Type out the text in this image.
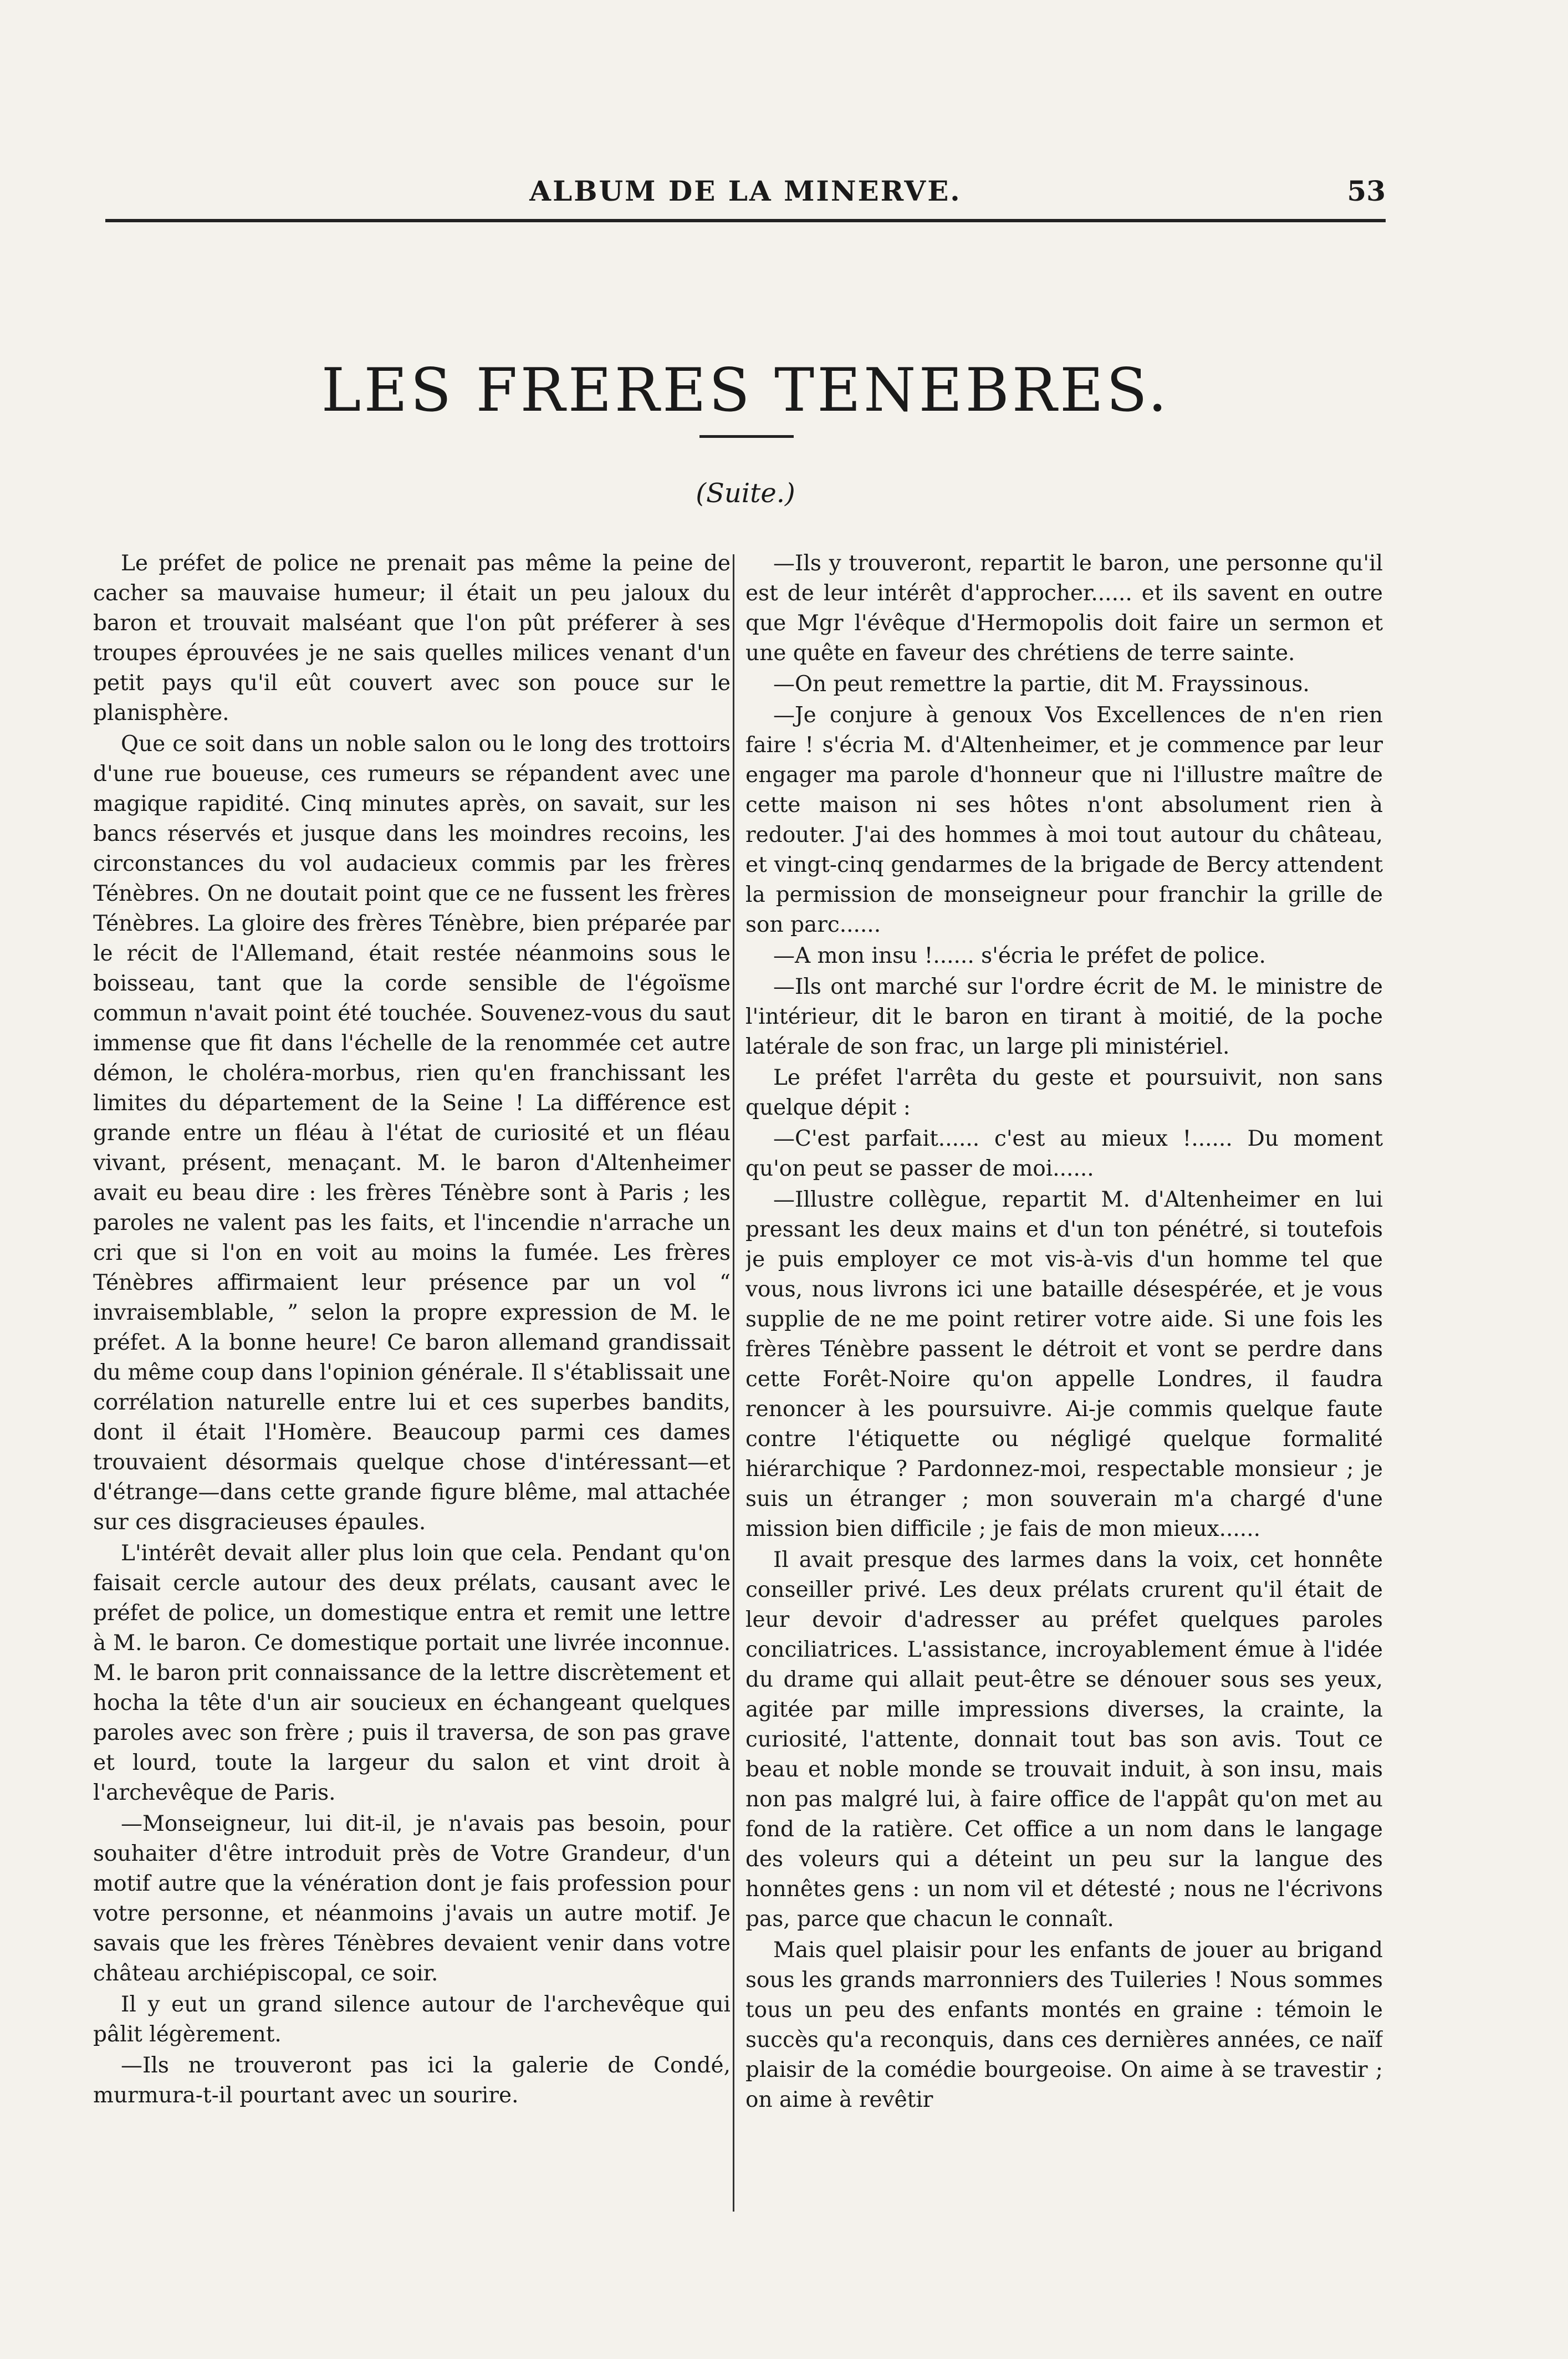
ALBUM DE LA MINERVE.	53
LES FRERES TENEBRES.
(Suite.)

Le préfet de police ne prenait pas même la peine de cacher sa mauvaise humeur; il était un peu jaloux du baron et trouvait malséant que l'on pût préferer à ses troupes éprouvées je ne sais quelles milices venant d'un petit pays qu'il eût couvert avec son pouce sur le planisphère.

Que ce soit dans un noble salon ou le long des trottoirs d'une rue boueuse, ces rumeurs se répandent avec une magique rapidité. Cinq minutes après, on savait, sur les bancs réservés et jusque dans les moindres recoins, les circonstances du vol audacieux commis par les frères Ténèbres. On ne doutait point que ce ne fussent les frères Ténèbres. La gloire des frères Ténèbre, bien préparée par le récit de l'Allemand, était restée néanmoins sous le boisseau, tant que la corde sensible de l'égoïsme commun n'avait point été touchée. Souvenez-vous du saut immense que fit dans l'échelle de la renommée cet autre démon, le choléra-morbus, rien qu'en franchissant les limites du département de la Seine ! La différence est grande entre un fléau à l'état de curiosité et un fléau vivant, présent, menaçant. M. le baron d'Altenheimer avait eu beau dire : les frères Ténèbre sont à Paris ; les paroles ne valent pas les faits, et l'incendie n'arrache un cri que si l'on en voit au moins la fumée. Les frères Ténèbres affirmaient leur présence par un vol “ invraisemblable, ” selon la propre expression de M. le préfet. A la bonne heure! Ce baron allemand grandissait du même coup dans l'opinion générale. Il s'établissait une corrélation naturelle entre lui et ces superbes bandits, dont il était l'Homère. Beaucoup parmi ces dames trouvaient désormais quelque chose d'intéressant—et d'étrange—dans cette grande figure blême, mal attachée sur ces disgracieuses épaules.

L'intérêt devait aller plus loin que cela. Pendant qu'on faisait cercle autour des deux prélats, causant avec le préfet de police, un domestique entra et remit une lettre à M. le baron. Ce domestique portait une livrée inconnue. M. le baron prit connaissance de la lettre discrètement et hocha la tête d'un air soucieux en échangeant quelques paroles avec son frère ; puis il traversa, de son pas grave et lourd, toute la largeur du salon et vint droit à l'archevêque de Paris.

—Monseigneur, lui dit-il, je n'avais pas besoin, pour souhaiter d'être introduit près de Votre Grandeur, d'un motif autre que la vénération dont je fais profession pour votre personne, et néanmoins j'avais un autre motif. Je savais que les frères Ténèbres devaient venir dans votre château archiépiscopal, ce soir.

Il y eut un grand silence autour de l'archevêque qui pâlit légèrement.

—Ils ne trouveront pas ici la galerie de Condé, murmura-t-il pourtant avec un sourire.

—Ils y trouveront, repartit le baron, une personne qu'il est de leur intérêt d'approcher...... et ils savent en outre que Mgr l'évêque d'Hermopolis doit faire un sermon et une quête en faveur des chrétiens de terre sainte.

—On peut remettre la partie, dit M. Frayssinous.

—Je conjure à genoux Vos Excellences de n'en rien faire ! s'écria M. d'Altenheimer, et je commence par leur engager ma parole d'honneur que ni l'illustre maître de cette maison ni ses hôtes n'ont absolument rien à redouter. J'ai des hommes à moi tout autour du château, et vingt-cinq gendarmes de la brigade de Bercy attendent la permission de monseigneur pour franchir la grille de son parc......

—A mon insu !...... s'écria le préfet de police.

—Ils ont marché sur l'ordre écrit de M. le ministre de l'intérieur, dit le baron en tirant à moitié, de la poche latérale de son frac, un large pli ministériel.

Le préfet l'arrêta du geste et poursuivit, non sans quelque dépit :

—C'est parfait...... c'est au mieux !...... Du moment qu'on peut se passer de moi......

—Illustre collègue, repartit M. d'Altenheimer en lui pressant les deux mains et d'un ton pénétré, si toutefois je puis employer ce mot vis-à-vis d'un homme tel que vous, nous livrons ici une bataille désespérée, et je vous supplie de ne me point retirer votre aide. Si une fois les frères Ténèbre passent le détroit et vont se perdre dans cette Forêt-Noire qu'on appelle Londres, il faudra renoncer à les poursuivre. Ai-je commis quelque faute contre l'étiquette ou négligé quelque formalité hiérarchique ? Pardonnez-moi, respectable monsieur ; je suis un étranger ; mon souverain m'a chargé d'une mission bien difficile ; je fais de mon mieux......

Il avait presque des larmes dans la voix, cet honnête conseiller privé. Les deux prélats crurent qu'il était de leur devoir d'adresser au préfet quelques paroles conciliatrices. L'assistance, incroyablement émue à l'idée du drame qui allait peut-être se dénouer sous ses yeux, agitée par mille impressions diverses, la crainte, la curiosité, l'attente, donnait tout bas son avis. Tout ce beau et noble monde se trouvait induit, à son insu, mais non pas malgré lui, à faire office de l'appât qu'on met au fond de la ratière. Cet office a un nom dans le langage des voleurs qui a déteint un peu sur la langue des honnêtes gens : un nom vil et détesté ; nous ne l'écrivons pas, parce que chacun le connaît.

Mais quel plaisir pour les enfants de jouer au brigand sous les grands marronniers des Tuileries ! Nous sommes tous un peu des enfants montés en graine : témoin le succès qu'a reconquis, dans ces dernières années, ce naïf plaisir de la comédie bourgeoise. On aime à se travestir ; on aime à revêtir
